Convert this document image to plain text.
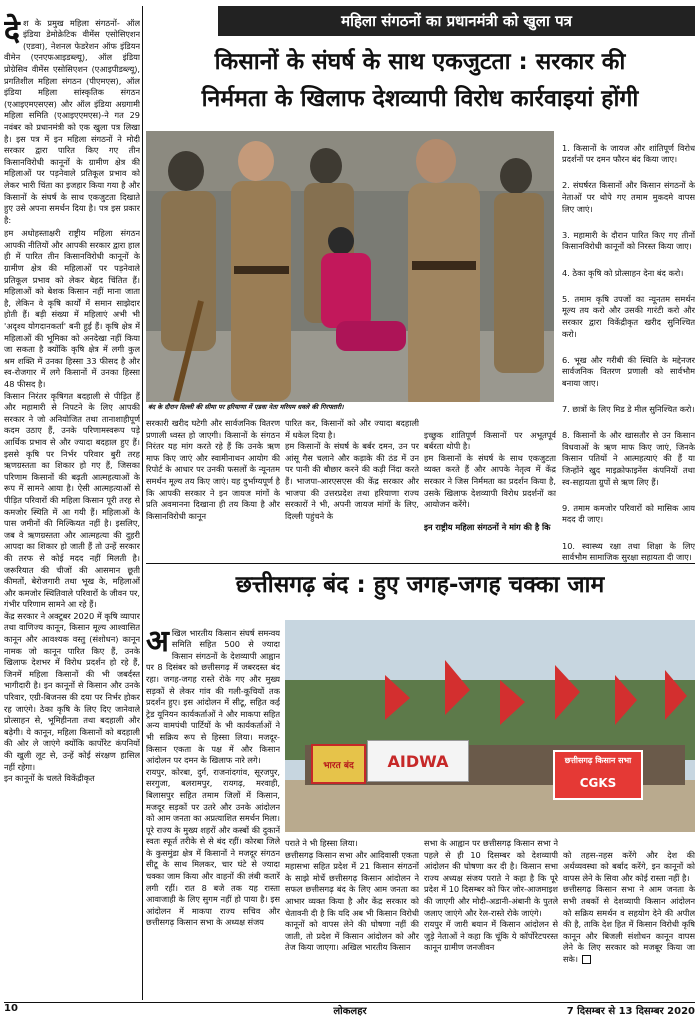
महिला संगठनों का प्रधानमंत्री को खुला पत्र
किसानों के संघर्ष के साथ एकजुटता : सरकार की
निर्ममता के खिलाफ देशव्यापी विरोध कार्रवाइयां होंगी

देश के प्रमुख महिला संगठनों- ऑल इंडिया डेमोक्रेटिक वीमेंस एसोसिएशन (एडवा), नेशनल फेडरेशन ऑफ इंडियन वीमेन (एनएफआइडब्ल्यू), ऑल इंडिया प्रोग्रेसिव वीमेंस एसोसिएशन (एआइपीडब्ल्यू), प्रगतिशील महिला संगठन (पीएमएस), ऑल इंडिया महिला सांस्कृतिक संगठन (एआइएमएसएस) और ऑल इंडिया अग्रगामी महिला समिति (एआइएएमएस)-ने गत 29 नवंबर को प्रधानमंत्री को एक खुला पत्र लिखा है। इस पत्र में इन महिला संगठनों ने मोदी सरकार द्वारा पारित किए गए तीन किसानविरोधी कानूनों के ग्रामीण क्षेत्र की महिलाओं पर पड़नेवाले प्रतिकूल प्रभाव को लेकर भारी चिंता का इजहार किया गया है और किसानों के संघर्ष के साथ एकजुटता दिखाते हुए उसे अपना समर्थन दिया है। पत्र इस प्रकार है:

हम अधोहस्ताक्षरी राष्ट्रीय महिला संगठन आपकी नीतियों और आपकी सरकार द्वारा हाल ही में पारित तीन किसानविरोधी कानूनों के ग्रामीण क्षेत्र की महिलाओं पर पड़नेवाले प्रतिकूल प्रभाव को लेकर बेहद चिंतित हैं। महिलाओं को बेशक किसान नहीं माना जाता है, लेकिन वे कृषि कार्यों में समान साझेदार होती हैं। बड़ी संख्या में महिलाएं अभी भी 'अदृश्य योगदानकर्ता' बनी हुई हैं। कृषि क्षेत्र में महिलाओं की भूमिका को अनदेखा नहीं किया जा सकता है क्योंकि कृषि क्षेत्र में लगी कुल श्रम शक्ति में उनका हिस्सा 33 फीसद है और स्व-रोजगार में लगे किसानों में उनका हिस्सा 48 फीसद है।
किसान निरंतर कृषिगत बदहाली से पीड़ित हैं और महामारी से निपटने के लिए आपकी सरकार ने जो अनियोजित तथा तानाशाहीपूर्ण कदम उठाए हैं, उनके परिणामस्वरूप पड़े आर्थिक प्रभाव से और ज्यादा बदहाल हुए हैं। इससे कृषि पर निर्भर परिवार बुरी तरह ऋणग्रस्तता का शिकार हो गए हैं, जिसका परिणाम किसानों की बढ़ती आत्महत्याओं के रूप में सामने आया है। ऐसी आत्महत्याओं से पीड़ित परिवारों की महिला किसान पूरी तरह से कमजोर स्थिति में आ गयी हैं। महिलाओं के पास जमीनों की मिल्कियत नहीं है। इसलिए, जब वे ऋणग्रस्तता और आत्महत्या की दुहरी आपदा का शिकार हो जाती हैं तो उन्हें सरकार की तरफ से कोई मदद नहीं मिलती है। जरूरियात की चीजों की आसमान छूती कीमतों, बेरोजगारी तथा भूख के, महिलाओं और कमजोर स्थितिवाले परिवारों के जीवन पर, गंभीर परिणाम सामने आ रहे हैं।
केंद्र सरकार ने अक्टूबर 2020 में कृषि व्यापार तथा वाणिज्य कानून, किसान मूल्य आश्वासित कानून और आवश्यक वस्तु (संशोधन) कानून नामक जो कानून पारित किए हैं, उनके खिलाफ देशभर में विरोध प्रदर्शन हो रहे हैं, जिनमें महिला किसानों की भी जबर्दस्त भागीदारी है। इन कानूनों से किसान और उनके परिवार, एग्री-बिजनस की दया पर निर्भर होकर रह जाएंगे। ठेका कृषि के लिए दिए जानेवाले प्रोत्साहन से, भूमिहीनता तथा बदहाली और बढ़ेगी। ये कानून, महिला किसानों को बदहाली की ओर ले जाएंगे क्योंकि कार्पोरेट कंपनियों की खुली लूट से, उन्हें कोई संरक्षण हासिल नहीं रहेगा।
इन कानूनों के चलते विकेंद्रीकृत

बंद के दौरान दिल्ली की सीमा पर हरियाणा में एडवा नेता मरियम धवले की गिरफ्तारी।

1. किसानों के जायज और शांतिपूर्ण विरोध प्रदर्शनों पर दमन फौरन बंद किया जाए।

2. संघर्षरत किसानों और किसान संगठनों के नेताओं पर थोपे गए तमाम मुकदमे वापस लिए जाएं।

3. महामारी के दौरान पारित किए गए तीनों किसानविरोधी कानूनों को निरस्त किया जाए।

4. ठेका कृषि को प्रोत्साहन देना बंद करो।

5. तमाम कृषि उपजों का न्यूनतम समर्थन मूल्य तय करो और उसकी गारंटी करो और सरकार द्वारा विकेंद्रीकृत खरीद सुनिश्चित करो।

6. भूख और गरीबी की स्थिति के मद्देनजर सार्वजनिक वितरण प्रणाली को सार्वभौम बनाया जाए।

7. छात्रों के लिए मिड डे मील सुनिश्चित करो।

8. किसानों के और खासतौर से उन किसान विधवाओं के ऋण माफ किए जाएं, जिनके किसान पतियों ने आत्महत्याएं की हैं या जिन्होंने खुद माइक्रोफाइनेंस कंपनियों तथा स्व-सहायता ग्रुपों से ऋण लिए हैं।

9. तमाम कमजोर परिवारों को मासिक आय मदद दी जाए।

10. स्वास्थ्य रक्षा तथा शिक्षा के लिए सार्वभौम सामाजिक सुरक्षा सहायता दी जाए।

सरकारी खरीद घटेगी और सार्वजनिक वितरण प्रणाली ध्वस्त हो जाएगी। किसानों के संगठन निरंतर यह मांग करते रहे हैं कि उनके ऋण माफ किए जाएं और स्वामीनाथन आयोग की रिपोर्ट के आधार पर उनकी फसलों के न्यूनतम समर्थन मूल्य तय किए जाएं। यह दुर्भाग्यपूर्ण है कि आपकी सरकार ने इन जायज मांगों के प्रति अवमानना दिखाना ही तय किया है और किसानविरोधी कानून
पारित कर, किसानों को और ज्यादा बदहाली में धकेल दिया है।
हम किसानों के संघर्ष के बर्बर दमन, उन पर आंसू गैस चलाने और कड़ाके की ठंड में उन पर पानी की बौछार करने की कड़ी निंदा करते हैं। भाजपा-आरएसएस की केंद्र सरकार और भाजपा की उत्तरप्रदेश तथा हरियाणा राज्य सरकारों ने भी, अपनी जायज मांगों के लिए, दिल्ली पहुंचने के

इच्छुक शांतिपूर्ण किसानों पर अभूतपूर्व बर्बरता थोपी है।
हम किसानों के संघर्ष के साथ एकजुटता व्यक्त करते हैं और आपके नेतृत्व में केंद्र सरकार ने जिस निर्ममता का प्रदर्शन किया है, उसके खिलाफ देशव्यापी विरोध प्रदर्शनों का आयोजन करेंगे।

इन राष्ट्रीय महिला संगठनों ने मांग की है कि

छत्तीसगढ़ बंद : हुए जगह-जगह चक्का जाम

अखिल भारतीय किसान संघर्ष समन्वय समिति सहित 500 से ज्यादा किसान संगठनों के देशव्यापी आह्वान पर 8 दिसंबर को छत्तीसगढ़ में जबरदस्त बंद रहा। जगह-जगह रास्ते रोके गए और मुख्य सड़कों से लेकर गांव की गली-कूचियों तक प्रदर्शन हुए। इस आंदोलन में सीटू, सहित कई ट्रेड यूनियन कार्यकर्ताओं ने और माकपा सहित अन्य वामपंथी पार्टियों के भी कार्यकर्ताओं ने भी सक्रिय रूप से हिस्सा लिया। मजदूर-किसान एकता के पक्ष में और किसान आंदोलन पर दमन के खिलाफ नारे लगे।
रायपुर, कोरबा, दुर्ग, राजनांदगांव, सूरजपुर, सरगुजा, बलरामपुर, रायगढ़, मरवाही, बिलासपुर सहित तमाम जिलों में किसान, मजदूर सड़कों पर उतरे और उनके आंदोलन को आम जनता का अप्रत्याशित समर्थन मिला। पूरे राज्य के मुख्य शहरों और कस्बों की दुकानें स्वतः स्फूर्त तरीके से से बंद रहीं। कोरबा जिले के कुसमुंडा क्षेत्र में किसानों ने मजदूर संगठन सीटू के साथ मिलकर, चार घंटे से ज्यादा चक्का जाम किया और वाहनों की लंबी कतारें लगी रहीं। रात 8 बजे तक यह रास्ता आवाजाही के लिए सुगम नहीं हो पाया है। इस आंदोलन में माकपा राज्य सचिव और छत्तीसगढ़ किसान सभा के अध्यक्ष संजय

भारत बंद	AIDWA	छत्तीसगढ़ किसान सभा
CGKS
पराते ने भी हिस्सा लिया।
छत्तीसगढ़ किसान सभा और आदिवासी एकता महासभा सहित प्रदेश में 21 किसान संगठनों के साझे मोर्चे छत्तीसगढ़ किसान आंदोलन ने सफल छत्तीसगढ़ बंद के लिए आम जनता का आभार व्यक्त किया है और केंद्र सरकार को चेतावनी दी है कि यदि अब भी किसान विरोधी कानूनों को वापस लेने की घोषणा नहीं की जाती, तो प्रदेश में किसान आंदोलन को और तेज किया जाएगा। अखिल भारतीय किसान
सभा के आह्वान पर छत्तीसगढ़ किसान सभा ने पहले से ही 10 दिसम्बर को देशव्यापी आंदोलन की घोषणा कर दी है। किसान सभा राज्य अध्यक्ष संजय पराते ने कहा है कि पूरे प्रदेश में 10 दिसम्बर को फिर जोर-आजमाइश की जाएगी और मोदी-अडानी-अंबानी के पुतले जलाए जाएंगे और रेल-रास्ते रोके जाएंगे।
रायपुर में जारी बयान में किसान आंदोलन से जुड़े नेताओं ने कहा कि चूंकि ये कॉर्पोरेटपरस्त कानून ग्रामीण जनजीवन

को तहस-नहस करेंगे और देश की अर्थव्यवस्था को बर्बाद करेंगे, इन कानूनों को वापस लेने के सिवा और कोई रास्ता नहीं है।
छत्तीसगढ़ किसान सभा ने आम जनता के सभी तबकों से देशव्यापी किसान आंदोलन को सक्रिय समर्थन व सहयोग देने की अपील की है, ताकि देश हित में किसान विरोधी कृषि कानून और बिजली संशोधन कानून वापस लेने के लिए सरकार को मजबूर किया जा सके।

10	लोकलहर	7 दिसम्बर से 13 दिसम्बर 2020
